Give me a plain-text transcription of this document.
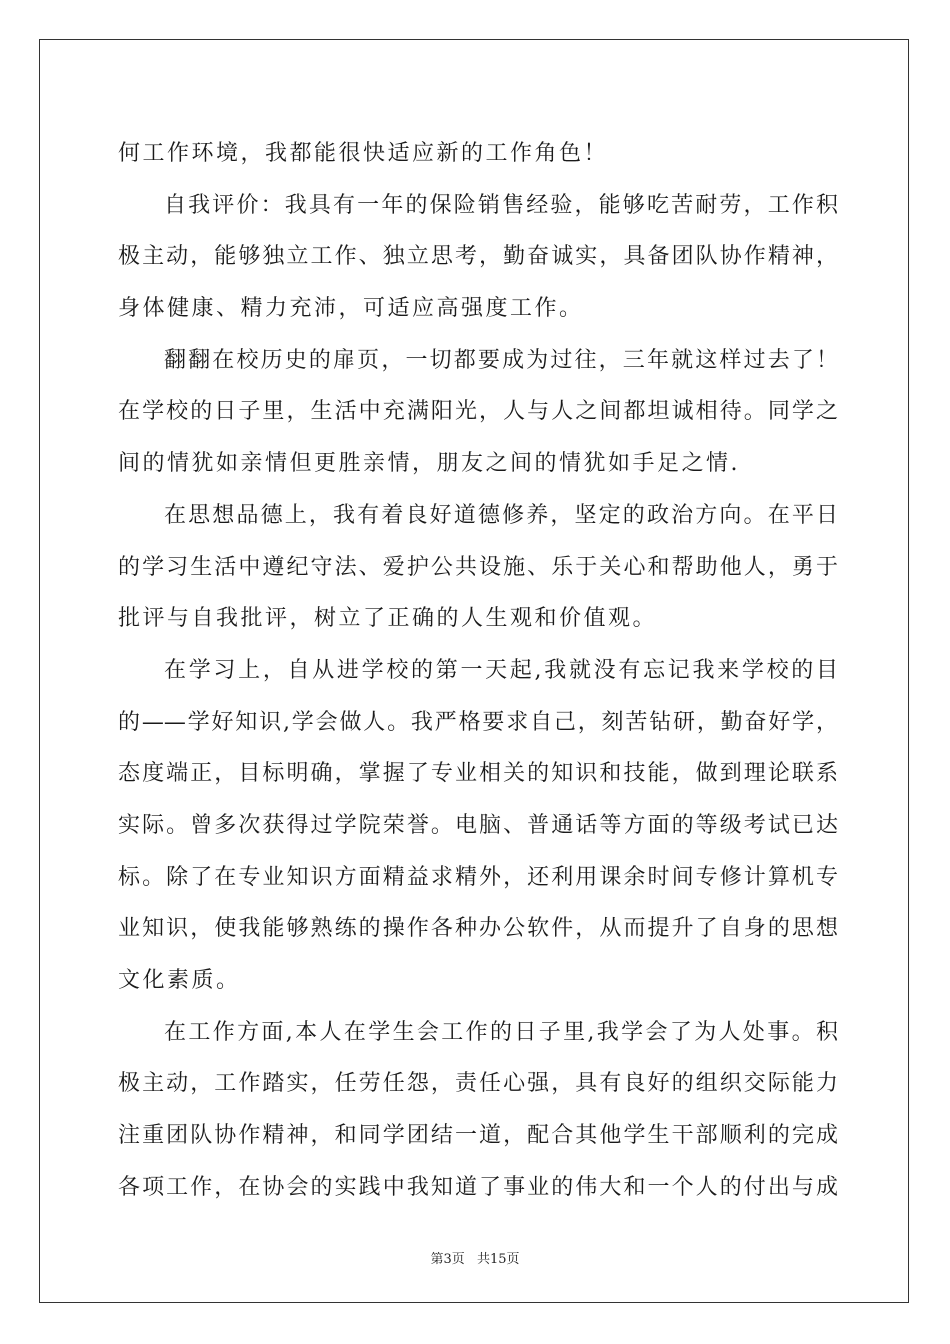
何工作环境，我都能很快适应新的工作角色！
自我评价：我具有一年的保险销售经验，能够吃苦耐劳，工作积
极主动，能够独立工作、独立思考，勤奋诚实，具备团队协作精神，
身体健康、精力充沛，可适应高强度工作。
翻翻在校历史的扉页，一切都要成为过往，三年就这样过去了！
在学校的日子里，生活中充满阳光，人与人之间都坦诚相待。同学之
间的情犹如亲情但更胜亲情，朋友之间的情犹如手足之情.
在思想品德上，我有着良好道德修养，坚定的政治方向。在平日
的学习生活中遵纪守法、爱护公共设施、乐于关心和帮助他人，勇于
批评与自我批评，树立了正确的人生观和价值观。
在学习上，自从进学校的第一天起,我就没有忘记我来学校的目
的——学好知识,学会做人。我严格要求自己，刻苦钻研，勤奋好学，
态度端正，目标明确，掌握了专业相关的知识和技能，做到理论联系
实际。曾多次获得过学院荣誉。电脑、普通话等方面的等级考试已达
标。除了在专业知识方面精益求精外，还利用课余时间专修计算机专
业知识，使我能够熟练的操作各种办公软件，从而提升了自身的思想
文化素质。
在工作方面,本人在学生会工作的日子里,我学会了为人处事。积
极主动，工作踏实，任劳任怨，责任心强，具有良好的组织交际能力
注重团队协作精神，和同学团结一道，配合其他学生干部顺利的完成
各项工作，在协会的实践中我知道了事业的伟大和一个人的付出与成
第3页 共15页
